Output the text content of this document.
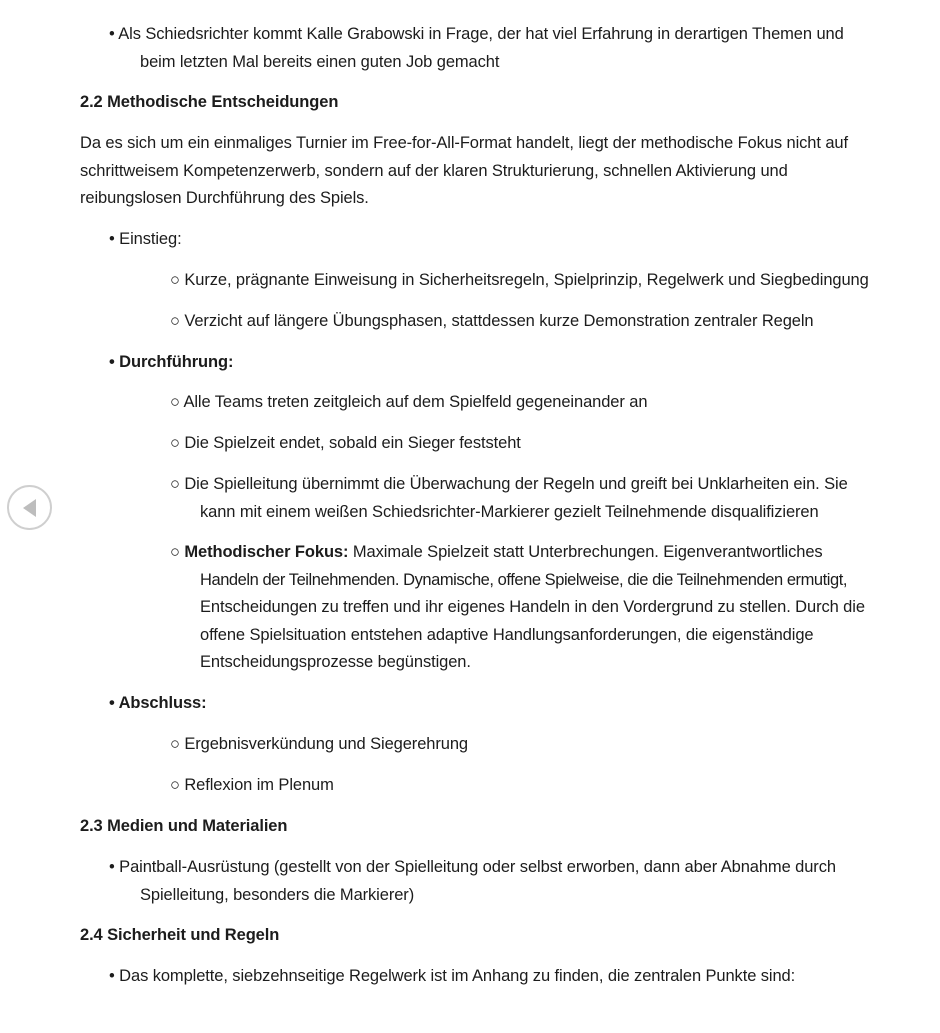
• Als Schiedsrichter kommt Kalle Grabowski in Frage, der hat viel Erfahrung in derartigen Themen und
beim letzten Mal bereits einen guten Job gemacht
2.2 Methodische Entscheidungen
Da es sich um ein einmaliges Turnier im Free-for-All-Format handelt, liegt der methodische Fokus nicht auf
schrittweisem Kompetenzerwerb, sondern auf der klaren Strukturierung, schnellen Aktivierung und
reibungslosen Durchführung des Spiels.
• Einstieg:
○ Kurze, prägnante Einweisung in Sicherheitsregeln, Spielprinzip, Regelwerk und Siegbedingung
○ Verzicht auf längere Übungsphasen, stattdessen kurze Demonstration zentraler Regeln
• Durchführung:
○ Alle Teams treten zeitgleich auf dem Spielfeld gegeneinander an
○ Die Spielzeit endet, sobald ein Sieger feststeht
○ Die Spielleitung übernimmt die Überwachung der Regeln und greift bei Unklarheiten ein. Sie
kann mit einem weißen Schiedsrichter-Markierer gezielt Teilnehmende disqualifizieren
○ Methodischer Fokus: Maximale Spielzeit statt Unterbrechungen. Eigenverantwortliches
Handeln der Teilnehmenden. Dynamische, offene Spielweise, die die Teilnehmenden ermutigt,
Entscheidungen zu treffen und ihr eigenes Handeln in den Vordergrund zu stellen. Durch die
offene Spielsituation entstehen adaptive Handlungsanforderungen, die eigenständige
Entscheidungsprozesse begünstigen.
• Abschluss:
○ Ergebnisverkündung und Siegerehrung
○ Reflexion im Plenum
2.3 Medien und Materialien
• Paintball-Ausrüstung (gestellt von der Spielleitung oder selbst erworben, dann aber Abnahme durch
Spielleitung, besonders die Markierer)
2.4 Sicherheit und Regeln
• Das komplette, siebzehnseitige Regelwerk ist im Anhang zu finden, die zentralen Punkte sind:
